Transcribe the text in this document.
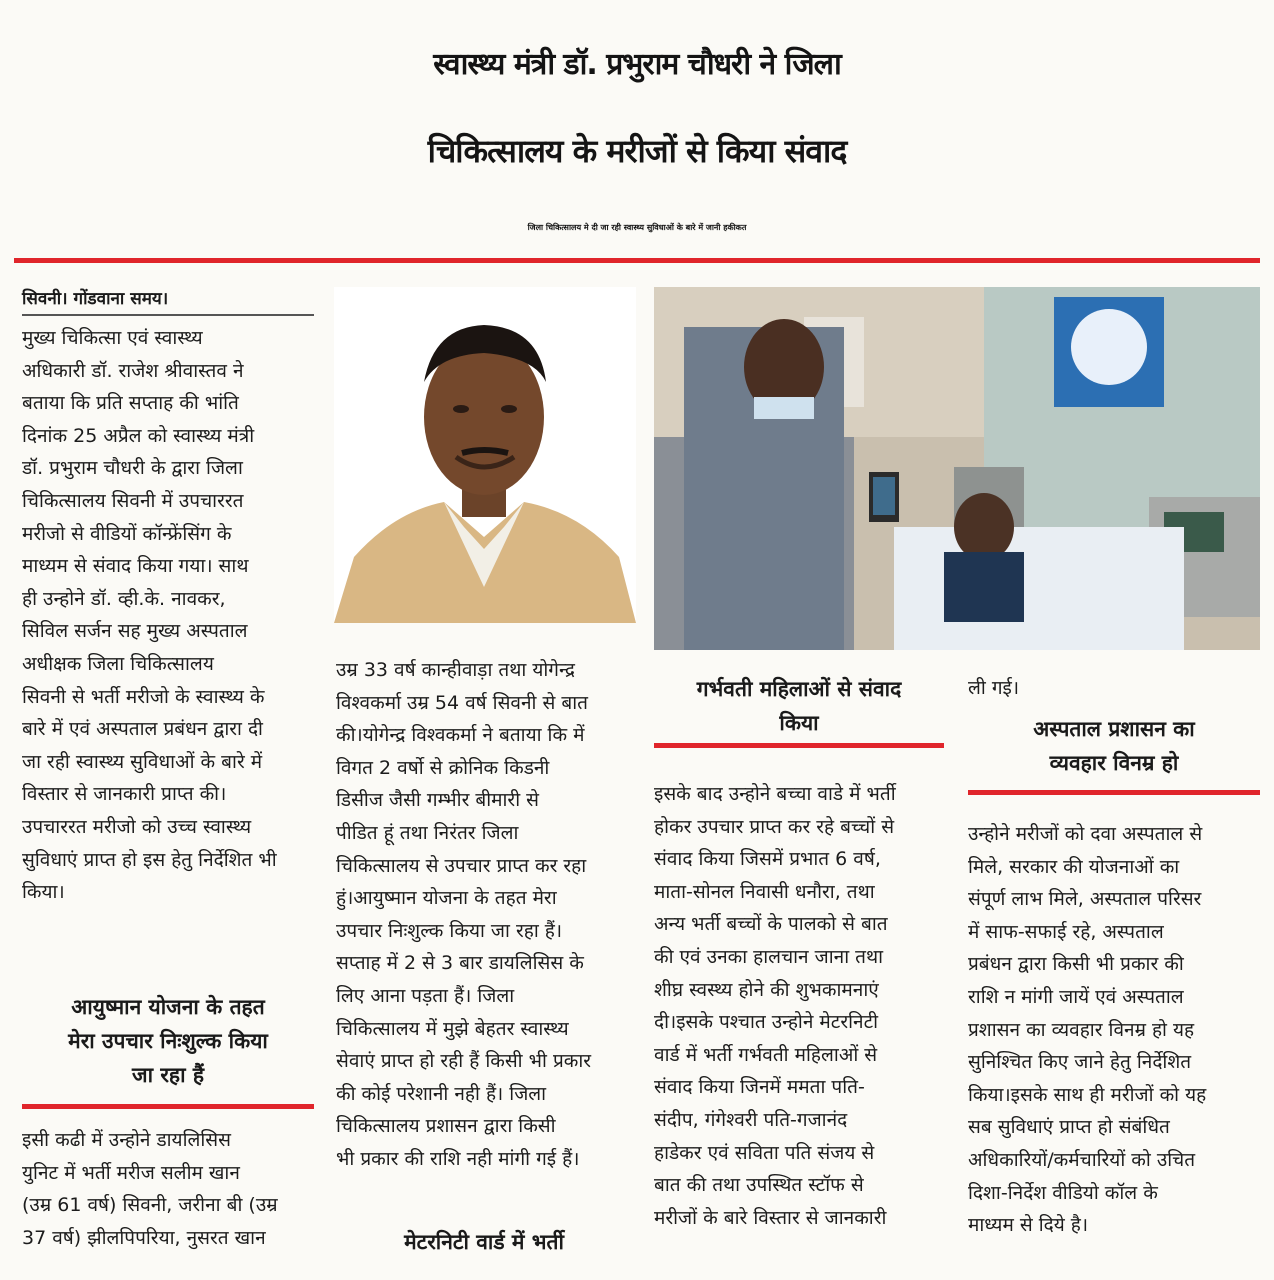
स्वास्थ्य मंत्री डॉ. प्रभुराम चौधरी ने जिला
चिकित्सालय के मरीजों से किया संवाद
जिला चिकित्सालय मे दी जा रही स्वास्थ्य सुविधाओं के बारे में जानी हकीकत
सिवनी। गोंडवाना समय।
मुख्य चिकित्सा एवं स्वास्थ्य
अधिकारी डॉ. राजेश श्रीवास्तव ने
बताया कि प्रति सप्ताह की भांति
दिनांक 25 अप्रैल को स्वास्थ्य मंत्री
डॉ. प्रभुराम चौधरी के द्वारा जिला
चिकित्सालय सिवनी में उपचाररत
मरीजो से वीडियों कॉन्फ्रेंसिंग के
माध्यम से संवाद किया गया। साथ
ही उन्होने डॉ. व्ही.के. नावकर,
सिविल सर्जन सह मुख्य अस्पताल
अधीक्षक जिला चिकित्सालय
सिवनी से भर्ती मरीजो के स्वास्थ्य के
बारे में एवं अस्पताल प्रबंधन द्वारा दी
जा रही स्वास्थ्य सुविधाओं के बारे में
विस्तार से जानकारी प्राप्त की।
उपचाररत मरीजो को उच्च स्वास्थ्य
सुविधाएं प्राप्त हो इस हेतु निर्देशित भी
किया।
आयुष्मान योजना के तहत
मेरा उपचार निःशुल्क किया
जा रहा हैं
इसी कढी में उन्होने डायलिसिस
युनिट में भर्ती मरीज सलीम खान
(उम्र 61 वर्ष) सिवनी, जरीना बी (उम्र
37 वर्ष) झीलपिपरिया, नुसरत खान
उम्र 33 वर्ष कान्हीवाड़ा तथा योगेन्द्र
विश्वकर्मा उम्र 54 वर्ष सिवनी से बात
की।योगेन्द्र विश्वकर्मा ने बताया कि में
विगत 2 वर्षो से क्रोनिक किडनी
डिसीज जैसी गम्भीर बीमारी से
पीडित हूं तथा निरंतर जिला
चिकित्सालय से उपचार प्राप्त कर रहा
हुं।आयुष्मान योजना के तहत मेरा
उपचार निःशुल्क किया जा रहा हैं।
सप्ताह में 2 से 3 बार डायलिसिस के
लिए आना पड़ता हैं। जिला
चिकित्सालय में मुझे बेहतर स्वास्थ्य
सेवाएं प्राप्त हो रही हैं किसी भी प्रकार
की कोई परेशानी नही हैं। जिला
चिकित्सालय प्रशासन द्वारा किसी
भी प्रकार की राशि नही मांगी गई हैं।
मेटरनिटी वार्ड में भर्ती
गर्भवती महिलाओं से संवाद
किया
इसके बाद उन्होने बच्चा वाडे में भर्ती
होकर उपचार प्राप्त कर रहे बच्चों से
संवाद किया जिसमें प्रभात 6 वर्ष,
माता-सोनल निवासी धनौरा, तथा
अन्य भर्ती बच्चों के पालको से बात
की एवं उनका हालचान जाना तथा
शीघ्र स्वस्थ्य होने की शुभकामनाएं
दी।इसके पश्चात उन्होने मेटरनिटी
वार्ड में भर्ती गर्भवती महिलाओं से
संवाद किया जिनमें ममता पति-
संदीप, गंगेश्वरी पति-गजानंद
हाडेकर एवं सविता पति संजय से
बात की तथा उपस्थित स्टॉफ से
मरीजों के बारे विस्तार से जानकारी
ली गई।
अस्पताल प्रशासन का
व्यवहार विनम्र हो
उन्होने मरीजों को दवा अस्पताल से
मिले, सरकार की योजनाओं का
संपूर्ण लाभ मिले, अस्पताल परिसर
में साफ-सफाई रहे, अस्पताल
प्रबंधन द्वारा किसी भी प्रकार की
राशि न मांगी जायें एवं अस्पताल
प्रशासन का व्यवहार विनम्र हो यह
सुनिश्चित किए जाने हेतु निर्देशित
किया।इसके साथ ही मरीजों को यह
सब सुविधाएं प्राप्त हो संबंधित
अधिकारियों/कर्मचारियों को उचित
दिशा-निर्देश वीडियो कॉल के
माध्यम से दिये है।
